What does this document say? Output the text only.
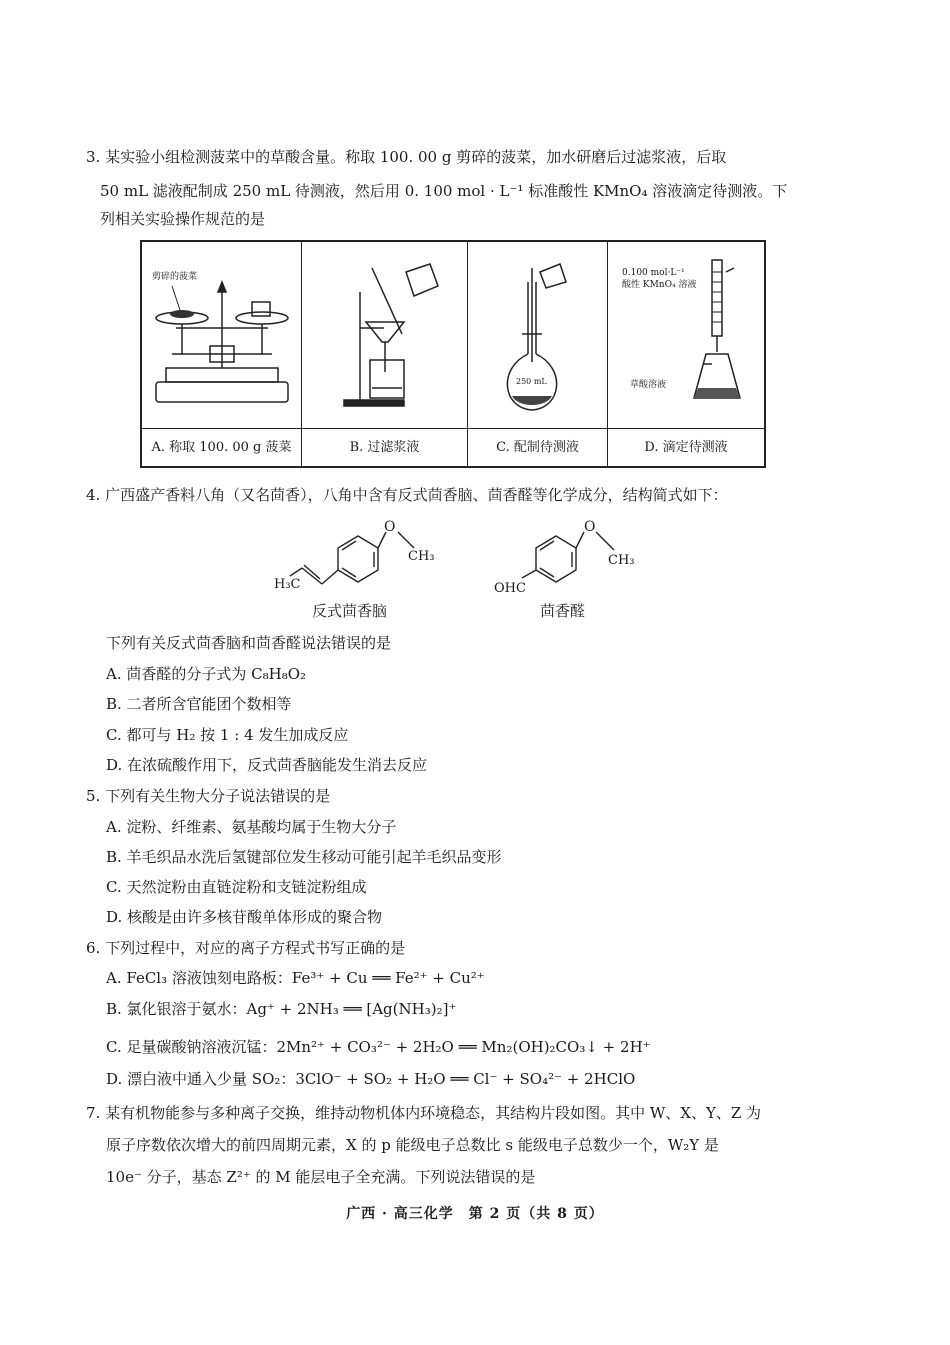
3. 某实验小组检测菠菜中的草酸含量。称取 100. 00 g 剪碎的菠菜，加水研磨后过滤浆液，后取
50 mL 滤液配制成 250 mL 待测液，然后用 0. 100 mol · L⁻¹ 标准酸性 KMnO₄ 溶液滴定待测液。下
列相关实验操作规范的是
剪碎的菠菜
A. 称取 100. 00 g 菠菜	B. 过滤浆液
250 mL
C. 配制待测液
0.100 mol·L⁻¹
酸性 KMnO₄ 溶液
草酸溶液
D. 滴定待测液
4. 广西盛产香料八角（又名茴香），八角中含有反式茴香脑、茴香醛等化学成分，结构简式如下：
O
CH₃
H₃C
反式茴香脑
O
CH₃
OHC
茴香醛
下列有关反式茴香脑和茴香醛说法错误的是
A. 茴香醛的分子式为 C₈H₈O₂
B. 二者所含官能团个数相等
C. 都可与 H₂ 按 1 : 4 发生加成反应
D. 在浓硫酸作用下，反式茴香脑能发生消去反应
5. 下列有关生物大分子说法错误的是
A. 淀粉、纤维素、氨基酸均属于生物大分子
B. 羊毛织品水洗后氢键部位发生移动可能引起羊毛织品变形
C. 天然淀粉由直链淀粉和支链淀粉组成
D. 核酸是由许多核苷酸单体形成的聚合物
6. 下列过程中，对应的离子方程式书写正确的是
A. FeCl₃ 溶液蚀刻电路板：Fe³⁺ + Cu ══ Fe²⁺ + Cu²⁺
B. 氯化银溶于氨水：Ag⁺ + 2NH₃ ══ [Ag(NH₃)₂]⁺
C. 足量碳酸钠溶液沉锰：2Mn²⁺ + CO₃²⁻ + 2H₂O ══ Mn₂(OH)₂CO₃↓ + 2H⁺
D. 漂白液中通入少量 SO₂：3ClO⁻ + SO₂ + H₂O ══ Cl⁻ + SO₄²⁻ + 2HClO
7. 某有机物能参与多种离子交换，维持动物机体内环境稳态，其结构片段如图。其中 W、X、Y、Z 为
原子序数依次增大的前四周期元素，X 的 p 能级电子总数比 s 能级电子总数少一个，W₂Y 是
10e⁻ 分子，基态 Z²⁺ 的 M 能层电子全充满。下列说法错误的是
广西 · 高三化学　第 2 页（共 8 页）
